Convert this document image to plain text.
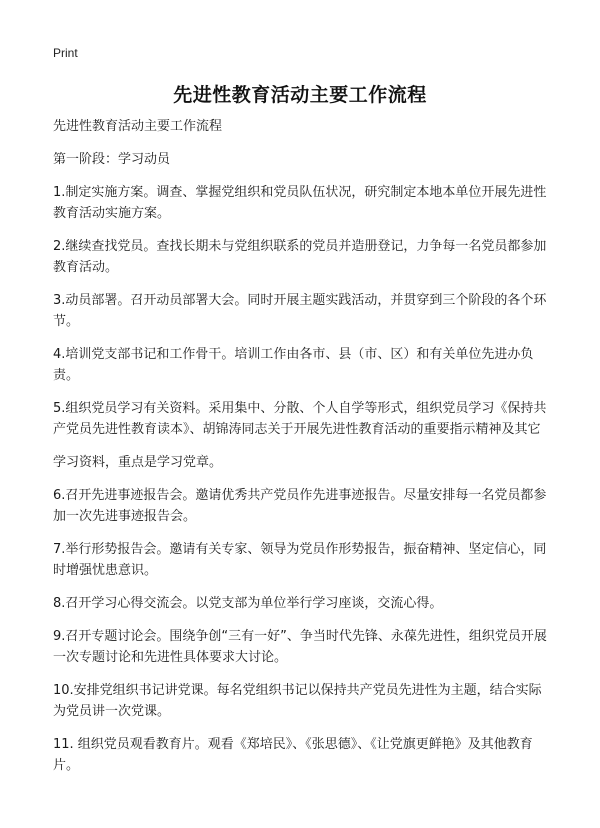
Print
先进性教育活动主要工作流程

先进性教育活动主要工作流程

第一阶段：学习动员

1.制定实施方案。调查、掌握党组织和党员队伍状况，研究制定本地本单位开展先进性教育活动实施方案。

2.继续查找党员。查找长期未与党组织联系的党员并造册登记，力争每一名党员都参加教育活动。

3.动员部署。召开动员部署大会。同时开展主题实践活动，并贯穿到三个阶段的各个环节。

4.培训党支部书记和工作骨干。培训工作由各市、县（市、区）和有关单位先进办负责。

5.组织党员学习有关资料。采用集中、分散、个人自学等形式，组织党员学习《保持共产党员先进性教育读本》、胡锦涛同志关于开展先进性教育活动的重要指示精神及其它

学习资料，重点是学习党章。

6.召开先进事迹报告会。邀请优秀共产党员作先进事迹报告。尽量安排每一名党员都参加一次先进事迹报告会。

7.举行形势报告会。邀请有关专家、领导为党员作形势报告，振奋精神、坚定信心，同时增强忧患意识。

8.召开学习心得交流会。以党支部为单位举行学习座谈，交流心得。

9.召开专题讨论会。围绕争创“三有一好”、争当时代先锋、永葆先进性，组织党员开展一次专题讨论和先进性具体要求大讨论。

10.安排党组织书记讲党课。每名党组织书记以保持共产党员先进性为主题，结合实际为党员讲一次党课。

11. 组织党员观看教育片。观看《郑培民》、《张思德》、《让党旗更鲜艳》及其他教育片。
